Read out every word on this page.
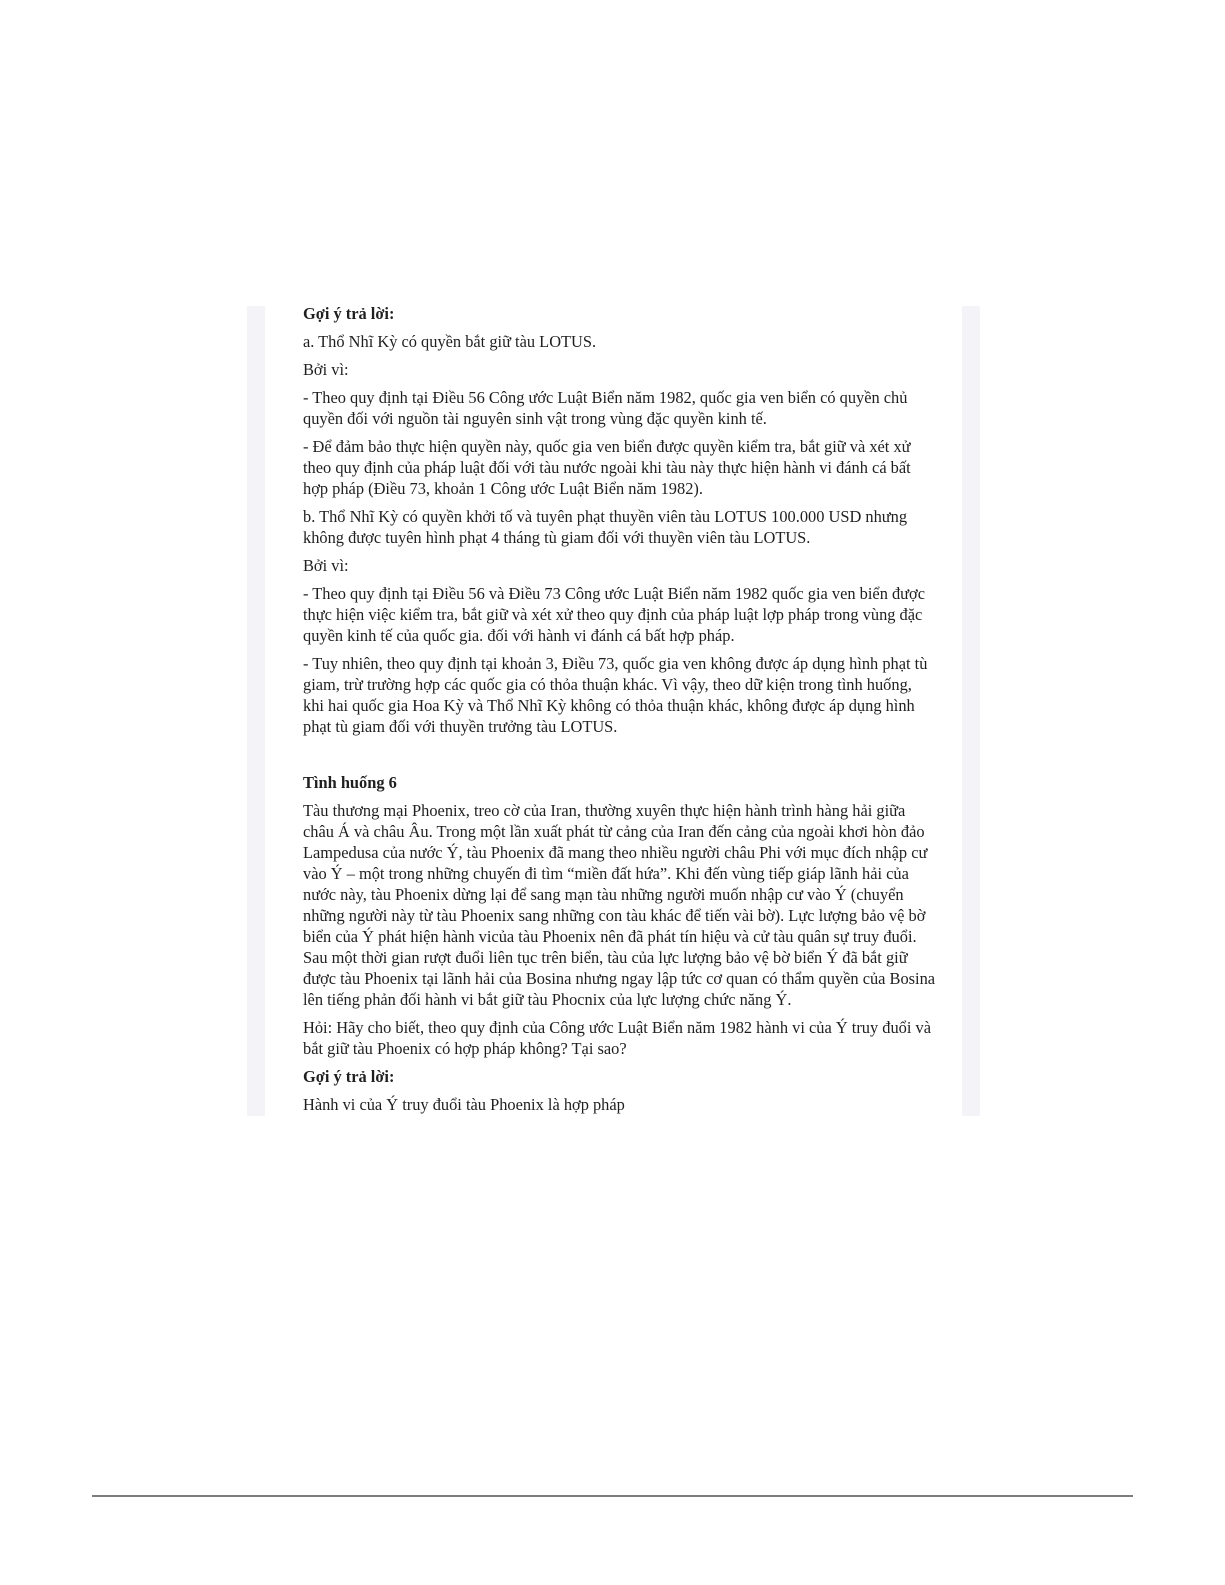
Gợi ý trả lời:

a. Thổ Nhĩ Kỳ có quyền bắt giữ tàu LOTUS.

Bởi vì:

- Theo quy định tại Điều 56 Công ước Luật Biển năm 1982, quốc gia ven biển có quyền chủ
quyền đối với nguồn tài nguyên sinh vật trong vùng đặc quyền kinh tế.

- Để đảm bảo thực hiện quyền này, quốc gia ven biển được quyền kiểm tra, bắt giữ và xét xử
theo quy định của pháp luật đối với tàu nước ngoài khi tàu này thực hiện hành vi đánh cá bất
hợp pháp (Điều 73, khoản 1 Công ước Luật Biển năm 1982).

b. Thổ Nhĩ Kỳ có quyền khởi tố và tuyên phạt thuyền viên tàu LOTUS 100.000 USD nhưng
không được tuyên hình phạt 4 tháng tù giam đối với thuyền viên tàu LOTUS.

Bởi vì:

- Theo quy định tại Điều 56 và Điều 73 Công ước Luật Biển năm 1982 quốc gia ven biển được
thực hiện việc kiểm tra, bắt giữ và xét xử theo quy định của pháp luật lợp pháp trong vùng đặc
quyền kinh tế của quốc gia. đối với hành vi đánh cá bất hợp pháp.

- Tuy nhiên, theo quy định tại khoản 3, Điều 73, quốc gia ven không được áp dụng hình phạt tù
giam, trừ trường hợp các quốc gia có thỏa thuận khác. Vì vậy, theo dữ kiện trong tình huống,
khi hai quốc gia Hoa Kỳ và Thổ Nhĩ Kỳ không có thỏa thuận khác, không được áp dụng hình
phạt tù giam đối với thuyền trưởng tàu LOTUS.

Tình huống 6

Tàu thương mại Phoenix, treo cờ của Iran, thường xuyên thực hiện hành trình hàng hải giữa
châu Á và châu Âu. Trong một lần xuất phát từ cảng của Iran đến cảng của ngoài khơi hòn đảo
Lampedusa của nước Ý, tàu Phoenix đã mang theo nhiều người châu Phi với mục đích nhập cư
vào Ý – một trong những chuyến đi tìm “miền đất hứa”. Khi đến vùng tiếp giáp lãnh hải của
nước này, tàu Phoenix dừng lại để sang mạn tàu những người muốn nhập cư vào Ý (chuyển
những người này từ tàu Phoenix sang những con tàu khác để tiến vài bờ). Lực lượng bảo vệ bờ
biển của Ý phát hiện hành vicủa tàu Phoenix nên đã phát tín hiệu và cử tàu quân sự truy đuổi.
Sau một thời gian rượt đuổi liên tục trên biển, tàu của lực lượng bảo vệ bờ biển Ý đã bắt giữ
được tàu Phoenix tại lãnh hải của Bosina nhưng ngay lập tức cơ quan có thẩm quyền của Bosina
lên tiếng phản đối hành vi bắt giữ tàu Phocnix của lực lượng chức năng Ý.

Hỏi: Hãy cho biết, theo quy định của Công ước Luật Biển năm 1982 hành vi của Ý truy đuổi và
bắt giữ tàu Phoenix có hợp pháp không? Tại sao?

Gợi ý trả lời:

Hành vi của Ý truy đuổi tàu Phoenix là hợp pháp
